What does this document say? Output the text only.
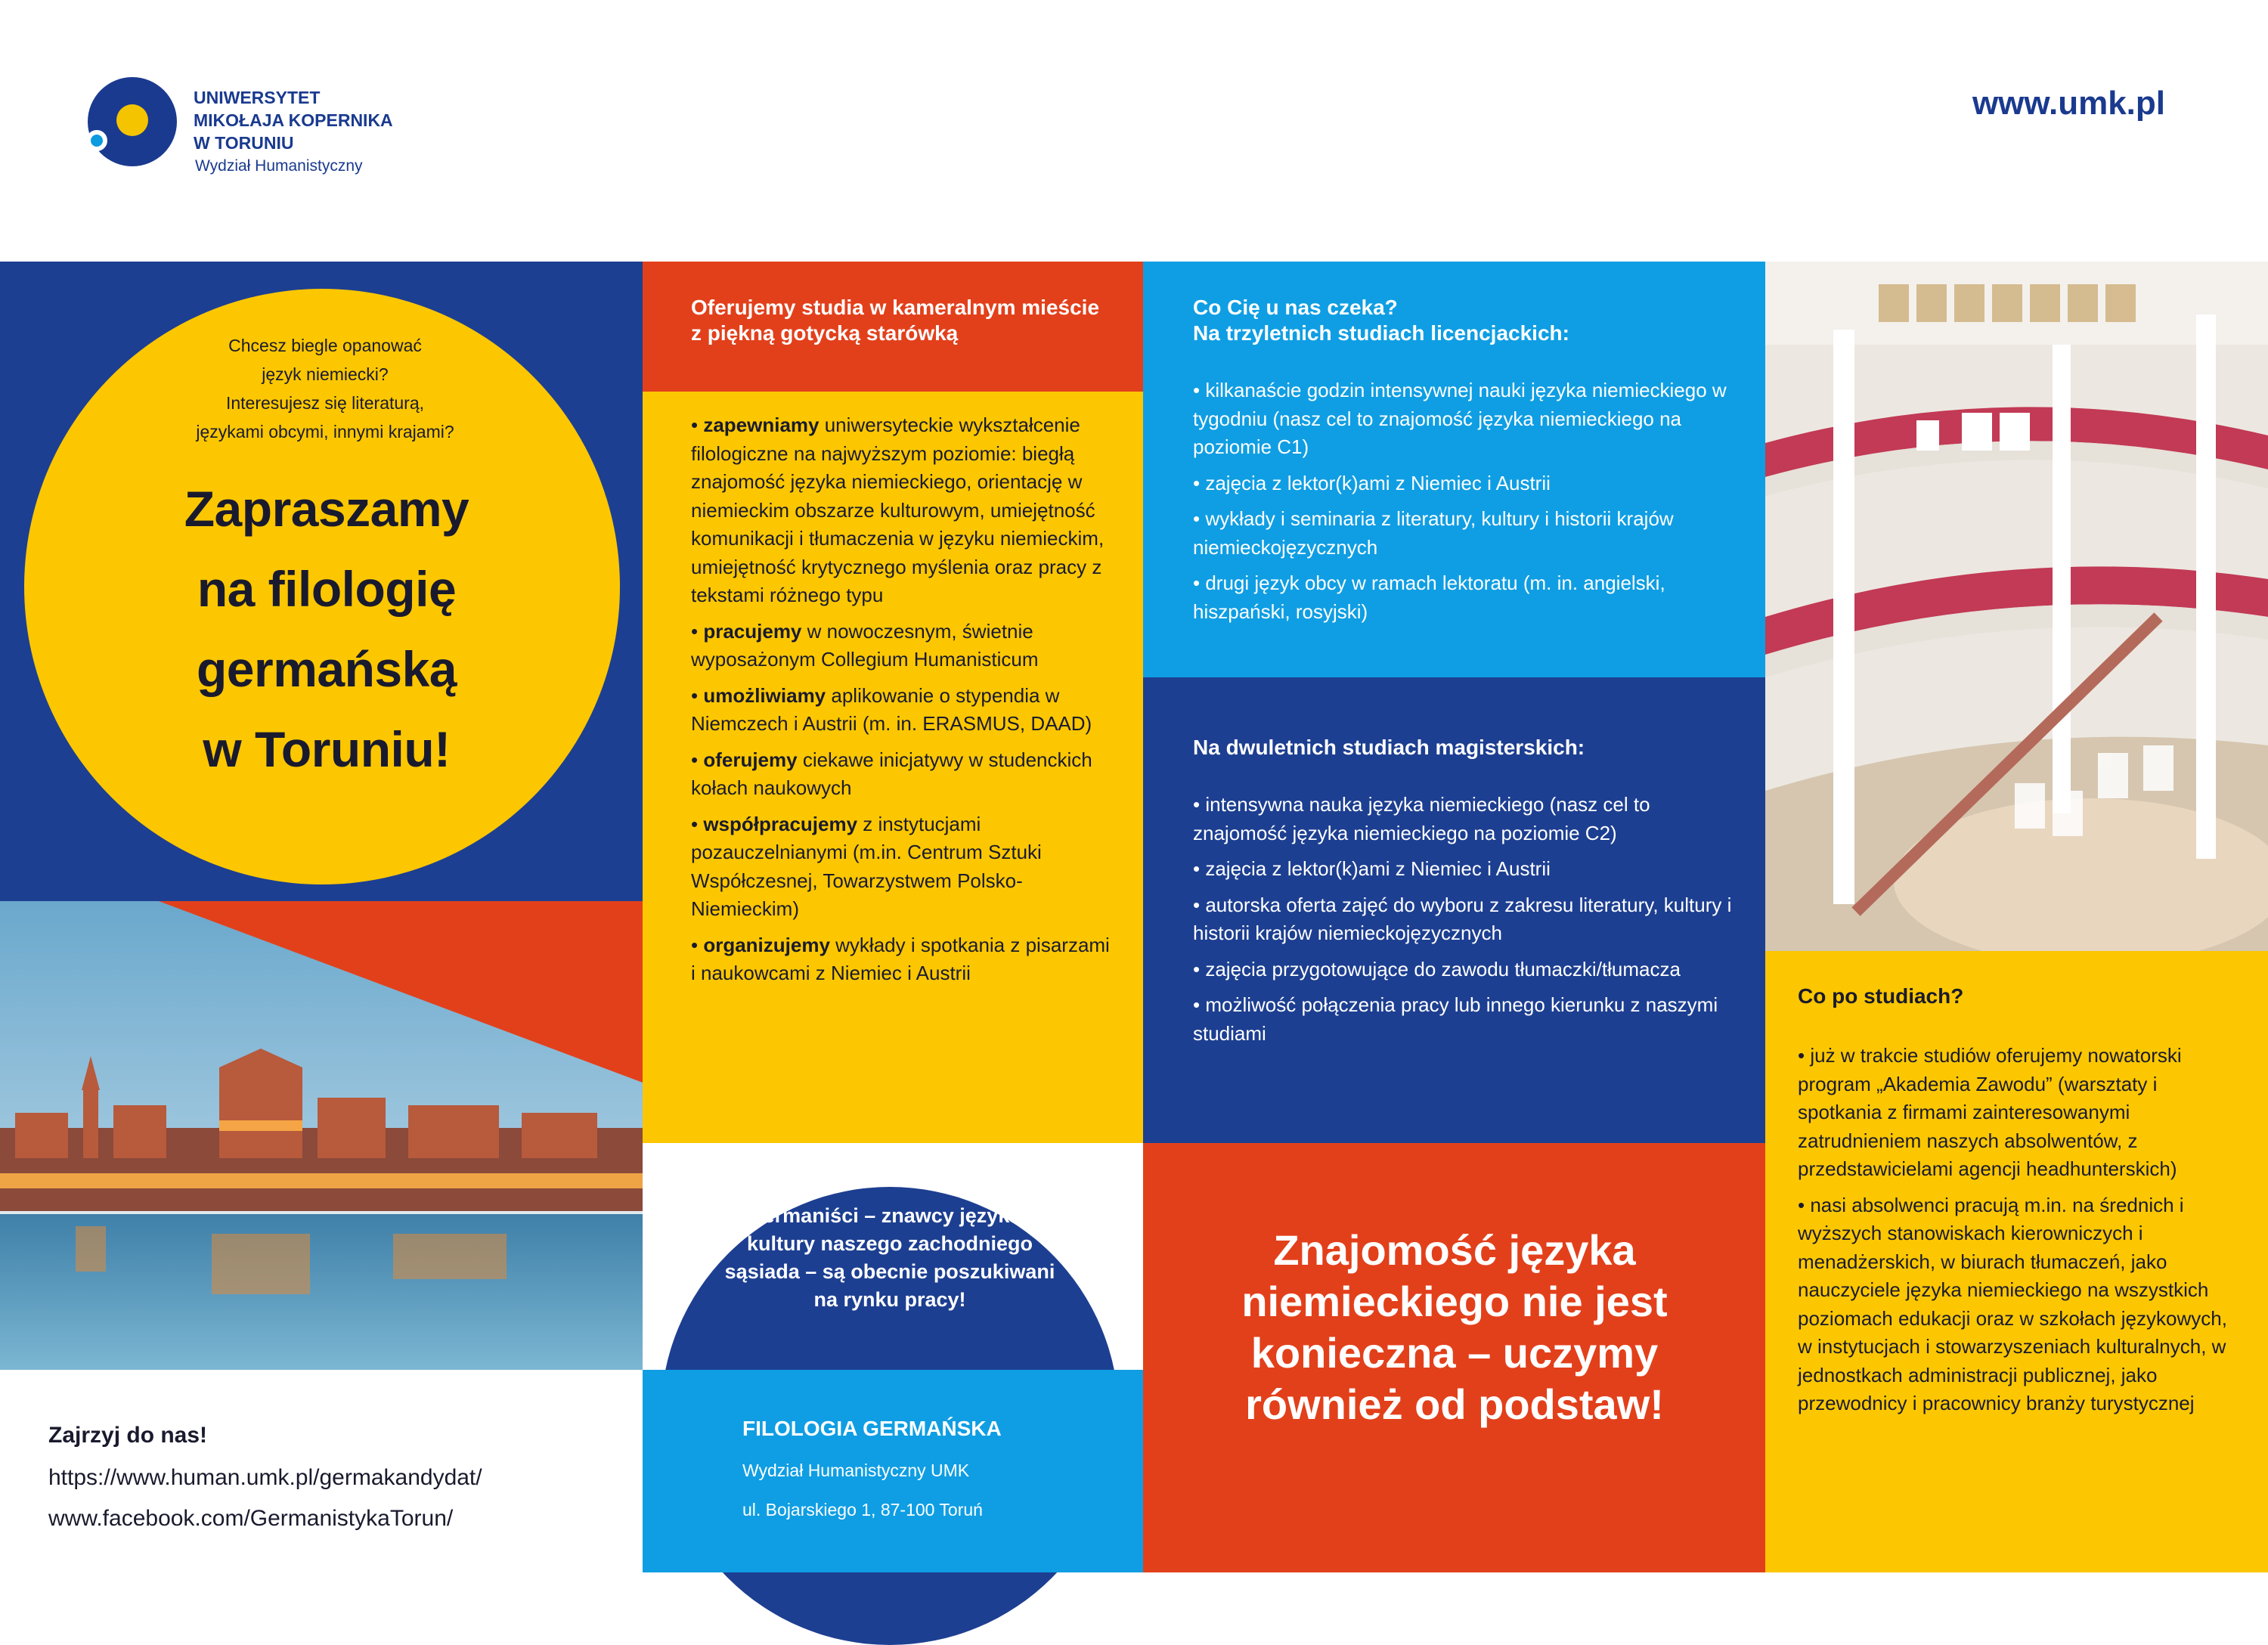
UNIWERSYTET
MIKOŁAJA KOPERNIKA
W TORUNIU
Wydział Humanistyczny
www.umk.pl
Chcesz biegle opanować
język niemiecki?
Interesujesz się literaturą,
językami obcymi, innymi krajami?
Zapraszamy
na filologię
germańską
w Toruniu!
Oferujemy studia w kameralnym mieście z piękną gotycką starówką
• zapewniamy uniwersyteckie wykształcenie filologiczne na najwyższym poziomie: biegłą znajomość języka niemieckiego, orientację w niemieckim obszarze kulturowym, umiejętność komunikacji i tłumaczenia w języku niemieckim, umiejętność krytycznego myślenia oraz pracy z tekstami różnego typu
• pracujemy w nowoczesnym, świetnie wyposażonym Collegium Humanisticum
• umożliwiamy aplikowanie o stypendia w Niemczech i Austrii (m. in. ERASMUS, DAAD)
• oferujemy ciekawe inicjatywy w studenckich kołach naukowych
• współpracujemy z instytucjami pozauczelnianymi (m.in. Centrum Sztuki Współczesnej, Towarzystwem Polsko-Niemieckim)
• organizujemy wykłady i spotkania z pisarzami i naukowcami z Niemiec i Austrii
Co Cię u nas czeka?
Na trzyletnich studiach licencjackich:
• kilkanaście godzin intensywnej nauki języka niemieckiego w tygodniu (nasz cel to znajomość języka niemieckiego na poziomie C1)
• zajęcia z lektor(k)ami z Niemiec i Austrii
• wykłady i seminaria z literatury, kultury i historii krajów niemieckojęzycznych
• drugi język obcy w ramach lektoratu (m. in. angielski, hiszpański, rosyjski)
Na dwuletnich studiach magisterskich:
• intensywna nauka języka niemieckiego (nasz cel to znajomość języka niemieckiego na poziomie C2)
• zajęcia z lektor(k)ami z Niemiec i Austrii
• autorska oferta zajęć do wyboru z zakresu literatury, kultury i historii krajów niemieckojęzycznych
• zajęcia przygotowujące do zawodu tłumaczki/tłumacza
• możliwość połączenia pracy lub innego kierunku z naszymi studiami
Germaniści – znawcy języka i kultury naszego zachodniego sąsiada – są obecnie poszukiwani na rynku pracy!
FILOLOGIA GERMAŃSKA
Wydział Humanistyczny UMK
ul. Bojarskiego 1, 87-100 Toruń
Zajrzyj do nas!
https://www.human.umk.pl/germakandydat/
www.facebook.com/GermanistykaTorun/
Znajomość języka niemieckiego nie jest konieczna – uczymy również od podstaw!
Co po studiach?
• już w trakcie studiów oferujemy nowatorski program „Akademia Zawodu” (warsztaty i spotkania z firmami zainteresowanymi zatrudnieniem naszych absolwentów, z przedstawicielami agencji headhunterskich)
• nasi absolwenci pracują m.in. na średnich i wyższych stanowiskach kierowniczych i menadżerskich, w biurach tłumaczeń, jako nauczyciele języka niemieckiego na wszystkich poziomach edukacji oraz w szkołach językowych, w instytucjach i stowarzyszeniach kulturalnych, w jednostkach administracji publicznej, jako przewodnicy i pracownicy branży turystycznej
